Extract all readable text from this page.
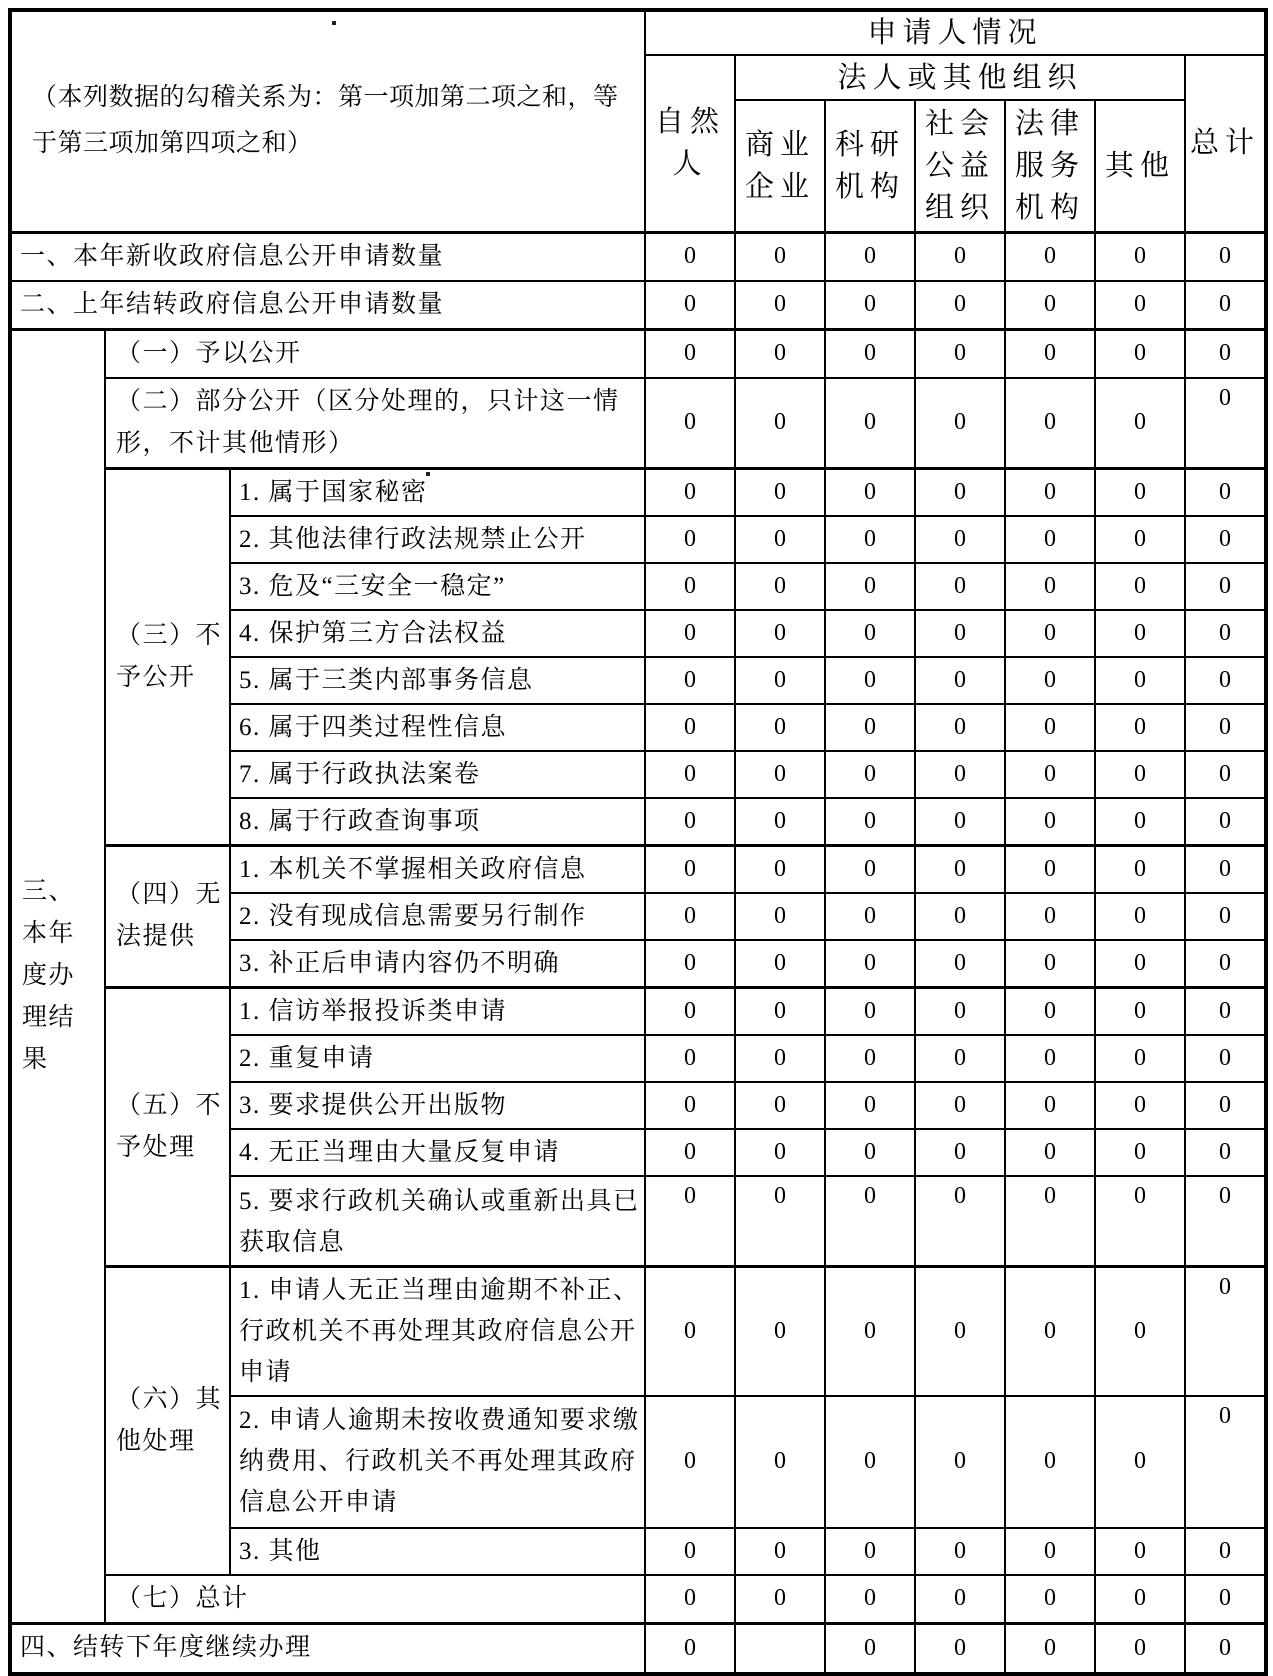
（本列数据的勾稽关系为：第一项加第二项之和，等于第三项加第四项之和）			申请人情况						
			自然人	法人或其他组织					总计
				商业企业	科研机构	社会公益组织	法律服务机构	其他	
一、本年新收政府信息公开申请数量			0	0	0	0	0	0	0
二、上年结转政府信息公开申请数量			0	0	0	0	0	0	0
三、本年度办理结果	（一）予以公开		0	0	0	0	0	0	0
	（二）部分公开（区分处理的，只计这一情形，不计其他情形）		0	0	0	0	0	0	0
	（三）不予公开	1. 属于国家秘密	0	0	0	0	0	0	0
		2. 其他法律行政法规禁止公开	0	0	0	0	0	0	0
		3. 危及“三安全一稳定”	0	0	0	0	0	0	0
		4. 保护第三方合法权益	0	0	0	0	0	0	0
		5. 属于三类内部事务信息	0	0	0	0	0	0	0
		6. 属于四类过程性信息	0	0	0	0	0	0	0
		7. 属于行政执法案卷	0	0	0	0	0	0	0
		8. 属于行政查询事项	0	0	0	0	0	0	0
	（四）无法提供	1. 本机关不掌握相关政府信息	0	0	0	0	0	0	0
		2. 没有现成信息需要另行制作	0	0	0	0	0	0	0
		3. 补正后申请内容仍不明确	0	0	0	0	0	0	0
	（五）不予处理	1. 信访举报投诉类申请	0	0	0	0	0	0	0
		2. 重复申请	0	0	0	0	0	0	0
		3. 要求提供公开出版物	0	0	0	0	0	0	0
		4. 无正当理由大量反复申请	0	0	0	0	0	0	0
		5. 要求行政机关确认或重新出具已获取信息	0	0	0	0	0	0	0
	（六）其他处理	1. 申请人无正当理由逾期不补正、行政机关不再处理其政府信息公开申请	0	0	0	0	0	0	0
		2. 申请人逾期未按收费通知要求缴纳费用、行政机关不再处理其政府信息公开申请	0	0	0	0	0	0	0
		3. 其他	0	0	0	0	0	0	0
	（七）总计		0	0	0	0	0	0	0
四、结转下年度继续办理			0		0	0	0	0	0
